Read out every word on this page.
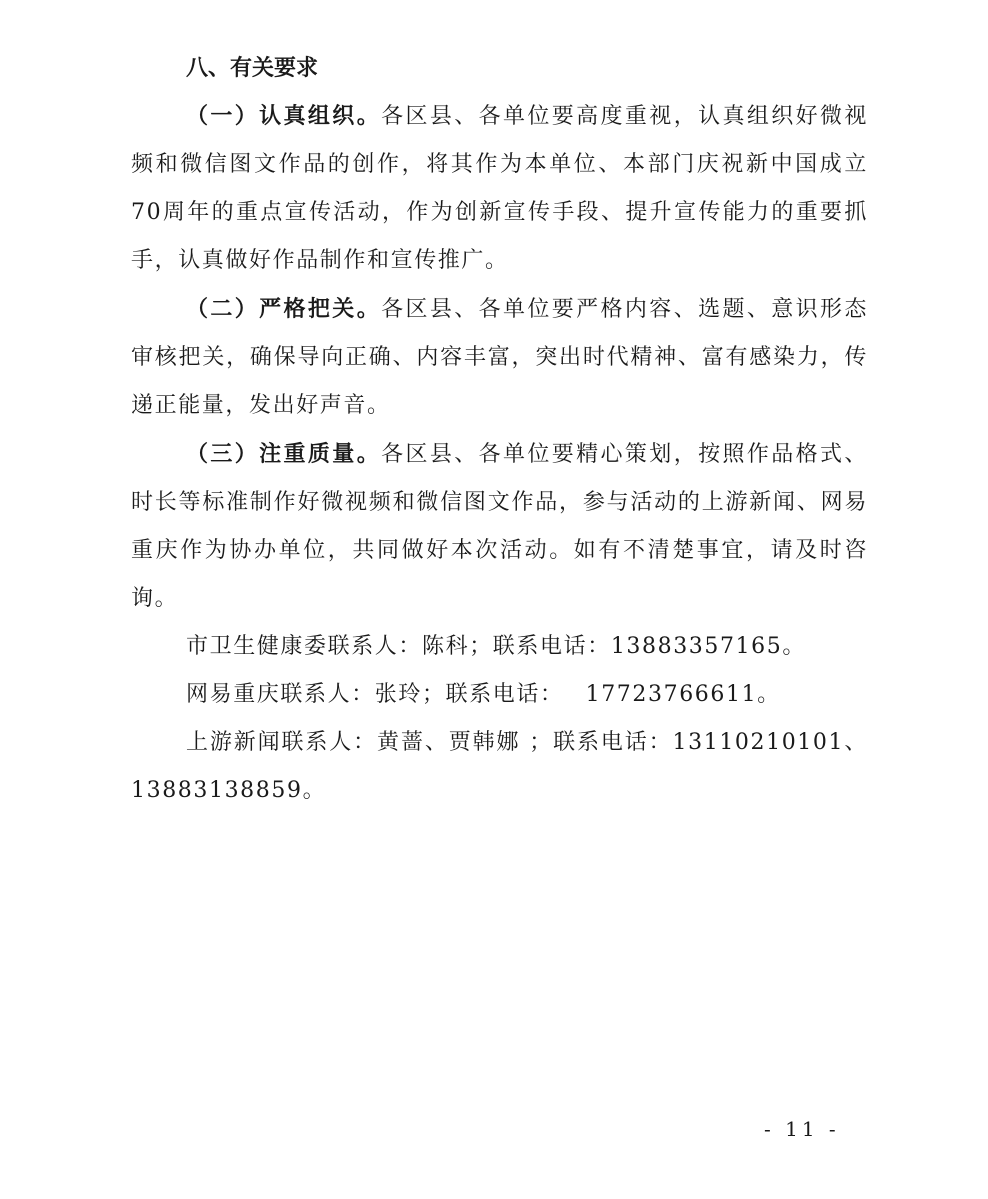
八、有关要求

（一）认真组织。各区县、各单位要高度重视，认真组织好微视频和微信图文作品的创作，将其作为本单位、本部门庆祝新中国成立70周年的重点宣传活动，作为创新宣传手段、提升宣传能力的重要抓手，认真做好作品制作和宣传推广。

（二）严格把关。各区县、各单位要严格内容、选题、意识形态审核把关，确保导向正确、内容丰富，突出时代精神、富有感染力，传递正能量，发出好声音。

（三）注重质量。各区县、各单位要精心策划，按照作品格式、时长等标准制作好微视频和微信图文作品，参与活动的上游新闻、网易重庆作为协办单位，共同做好本次活动。如有不清楚事宜，请及时咨询。

市卫生健康委联系人：陈科；联系电话：13883357165。

网易重庆联系人：张玲；联系电话： 17723766611。

上游新闻联系人：黄蔷、贾韩娜 ；联系电话：13110210101、13883138859。

- 11 -
